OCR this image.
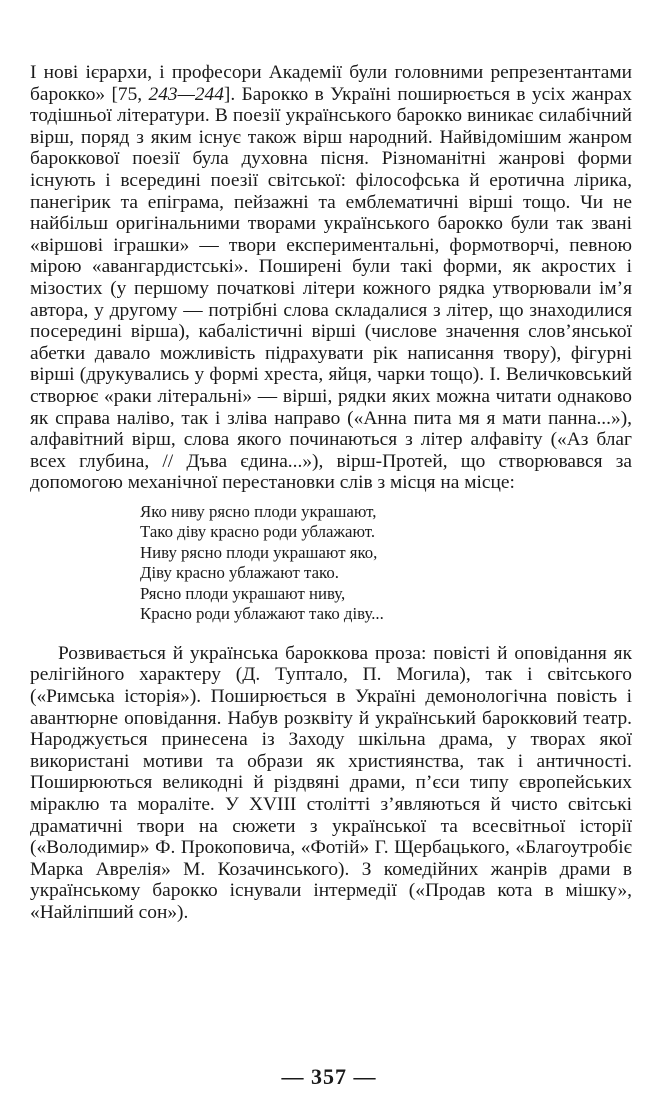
І нові ієрархи, і професори Академії були головними репрезентантами барокко» [75, 243—244]. Барокко в Україні поширюється в усіх жанрах тодішньої літератури. В поезії українського барокко виникає силабічний вірш, поряд з яким існує також вірш народний. Найвідомішим жанром бароккової поезії була духовна пісня. Різноманітні жанрові форми існують і всередині поезії світської: філософська й еротична лірика, панегірик та епіграма, пейзажні та емблематичні вірші тощо. Чи не найбільш оригінальними творами українського барокко були так звані «віршові іграшки» — твори експериментальні, формотворчі, певною мірою «авангардистські». Поширені були такі форми, як акростих і мізостих (у першому початкові літери кожного рядка утворювали ім’я автора, у другому — потрібні слова складалися з літер, що знаходилися посередині вірша), кабалістичні вірші (числове значення слов’янської абетки давало можливість підрахувати рік написання твору), фігурні вірші (друкувались у формі хреста, яйця, чарки тощо). І. Величковський створює «раки літеральні» — вірші, рядки яких можна читати однаково як справа наліво, так і зліва направо («Анна пита мя я мати панна...»), алфавітний вірш, слова якого починаються з літер алфавіту («Аз благ всех глубина, // Дъва єдина...»), вірш-Протей, що створювався за допомогою механічної перестановки слів з місця на місце:

Яко ниву рясно плоди украшают,
Тако діву красно роди ублажают.
Ниву рясно плоди украшают яко,
Діву красно ублажают тако.
Рясно плоди украшают ниву,
Красно роди ублажают тако діву...

Розвивається й українська бароккова проза: повісті й оповідання як релігійного характеру (Д. Туптало, П. Могила), так і світського («Римська історія»). Поширюється в Україні демонологічна повість і авантюрне оповідання. Набув розквіту й український барокковий театр. Народжується принесена із Заходу шкільна драма, у творах якої використані мотиви та образи як християнства, так і античності. Поширюються великодні й різдвяні драми, п’єси типу європейських міраклю та мораліте. У XVIII столітті з’являються й чисто світські драматичні твори на сюжети з української та всесвітньої історії («Володимир» Ф. Прокоповича, «Фотій» Г. Щербацького, «Благоутробіє Марка Аврелія» М. Козачинського). З комедійних жанрів драми в українському барокко існували інтермедії («Продав кота в мішку», «Найліпший сон»).

— 357 —
